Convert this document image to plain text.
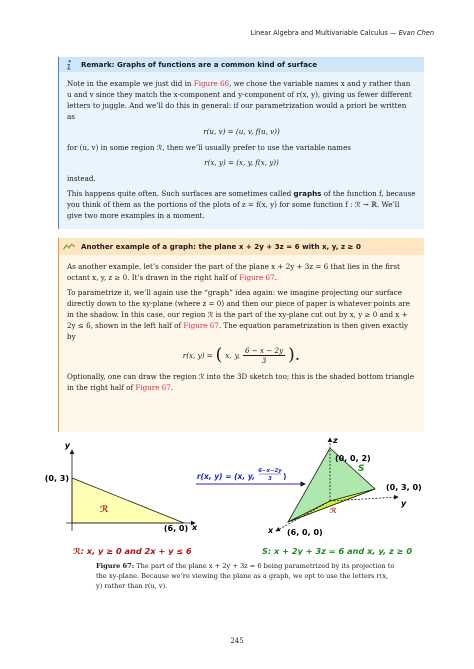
Linear Algebra and Multivariable Calculus — Evan Chen
Remark: Graphs of functions are a common kind of surface

Note in the example we just did in Figure 66, we chose the variable names x and y rather than u and v since they match the x-component and y-component of r(x, y), giving us fewer different letters to juggle. And we’ll do this in general: if our parametrization would a priori be written as

r(u, v) = (u, v, f(u, v))

for (u, v) in some region ℛ, then we’ll usually prefer to use the variable names

r(x, y) = (x, y, f(x, y))

instead.

This happens quite often. Such surfaces are sometimes called graphs of the function f, because you think of them as the portions of the plots of z = f(x, y) for some function f : ℛ → ℝ. We’ll give two more examples in a moment.

Another example of a graph: the plane x + 2y + 3z = 6 with x, y, z ≥ 0

As another example, let’s consider the part of the plane x + 2y + 3z = 6 that lies in the first octant x, y, z ≥ 0. It’s drawn in the right half of Figure 67.

To parametrize it, we’ll again use the “graph” idea again: we imagine projecting our surface directly down to the xy-plane (where z = 0) and then our piece of paper is whatever points are in the shadow. In this case, our region ℛ is the part of the xy-plane cut out by x, y ≥ 0 and x + 2y ≤ 6, shown in the left half of Figure 67. The equation parametrization is then given exactly by

r(x, y) = ( x, y, $\frac{6 - x - 2y}{3}$ ).

Optionally, one can draw the region ℛ into the 3D sketch too; this is the shaded bottom triangle in the right half of Figure 67.

y
x
(0, 3)
(6, 0)
ℛ
r(x, y) = (x, y,
6−x−2y
3 )
z
y
x
(0, 0, 2)
(0, 3, 0)
(6, 0, 0)
S
ℛ
ℛ: x, y ≥ 0 and 2x + y ≤ 6	S: x + 2y + 3z = 6 and x, y, z ≥ 0
Figure 67: The part of the plane x + 2y + 3z = 6 being parametrized by its projection to the xy-plane. Because we’re viewing the plane as a graph, we opt to use the letters r(x, y) rather than r(u, v).
245
